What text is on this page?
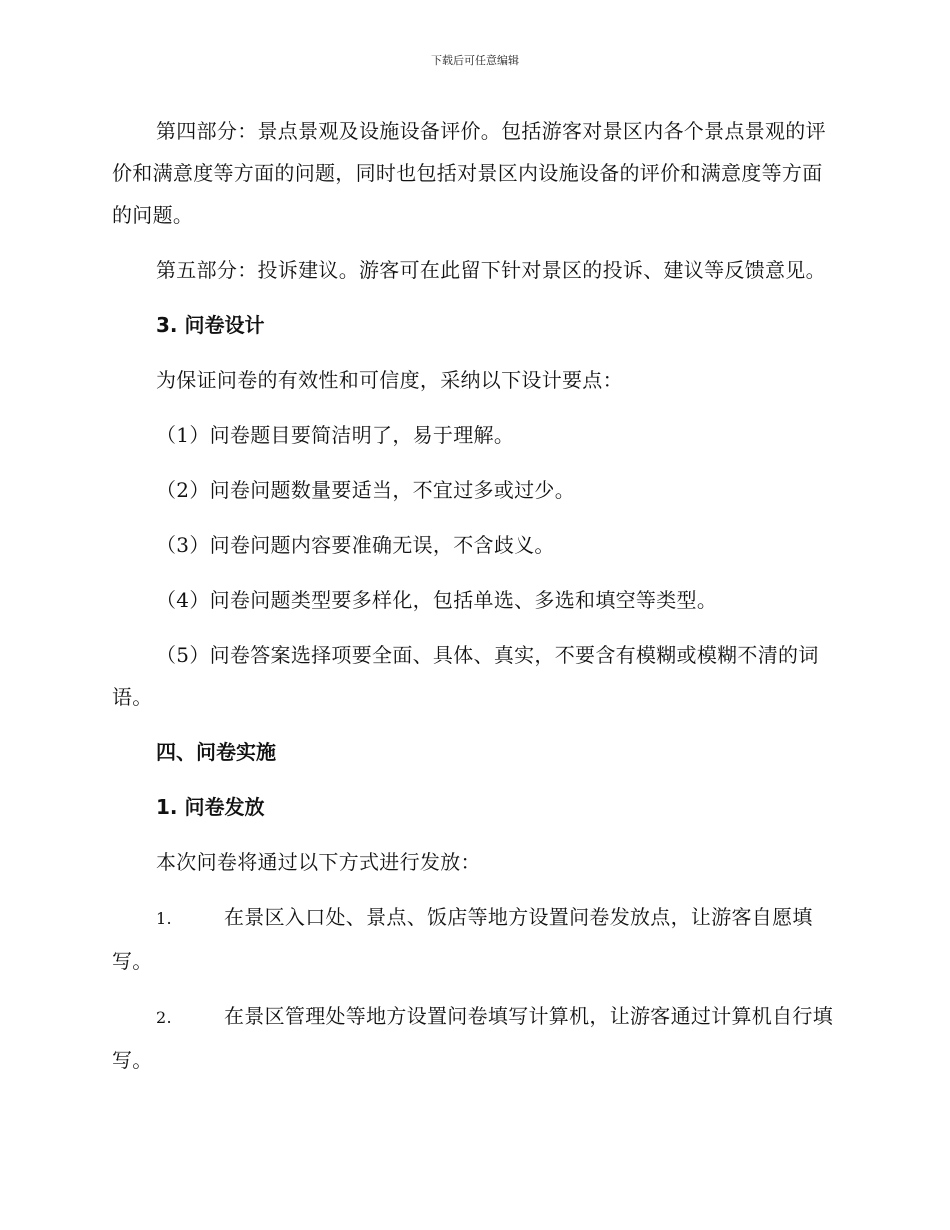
下载后可任意编辑

第四部分：景点景观及设施设备评价。包括游客对景区内各个景点景观的评价和满意度等方面的问题，同时也包括对景区内设施设备的评价和满意度等方面的问题。

第五部分：投诉建议。游客可在此留下针对景区的投诉、建议等反馈意见。

3. 问卷设计

为保证问卷的有效性和可信度，采纳以下设计要点：

（1）问卷题目要简洁明了，易于理解。

（2）问卷问题数量要适当，不宜过多或过少。

（3）问卷问题内容要准确无误，不含歧义。

（4）问卷问题类型要多样化，包括单选、多选和填空等类型。

（5）问卷答案选择项要全面、具体、真实，不要含有模糊或模糊不清的词语。

四、问卷实施

1. 问卷发放

本次问卷将通过以下方式进行发放：

1.	在景区入口处、景点、饭店等地方设置问卷发放点，让游客自愿填写。

2.	在景区管理处等地方设置问卷填写计算机，让游客通过计算机自行填写。
